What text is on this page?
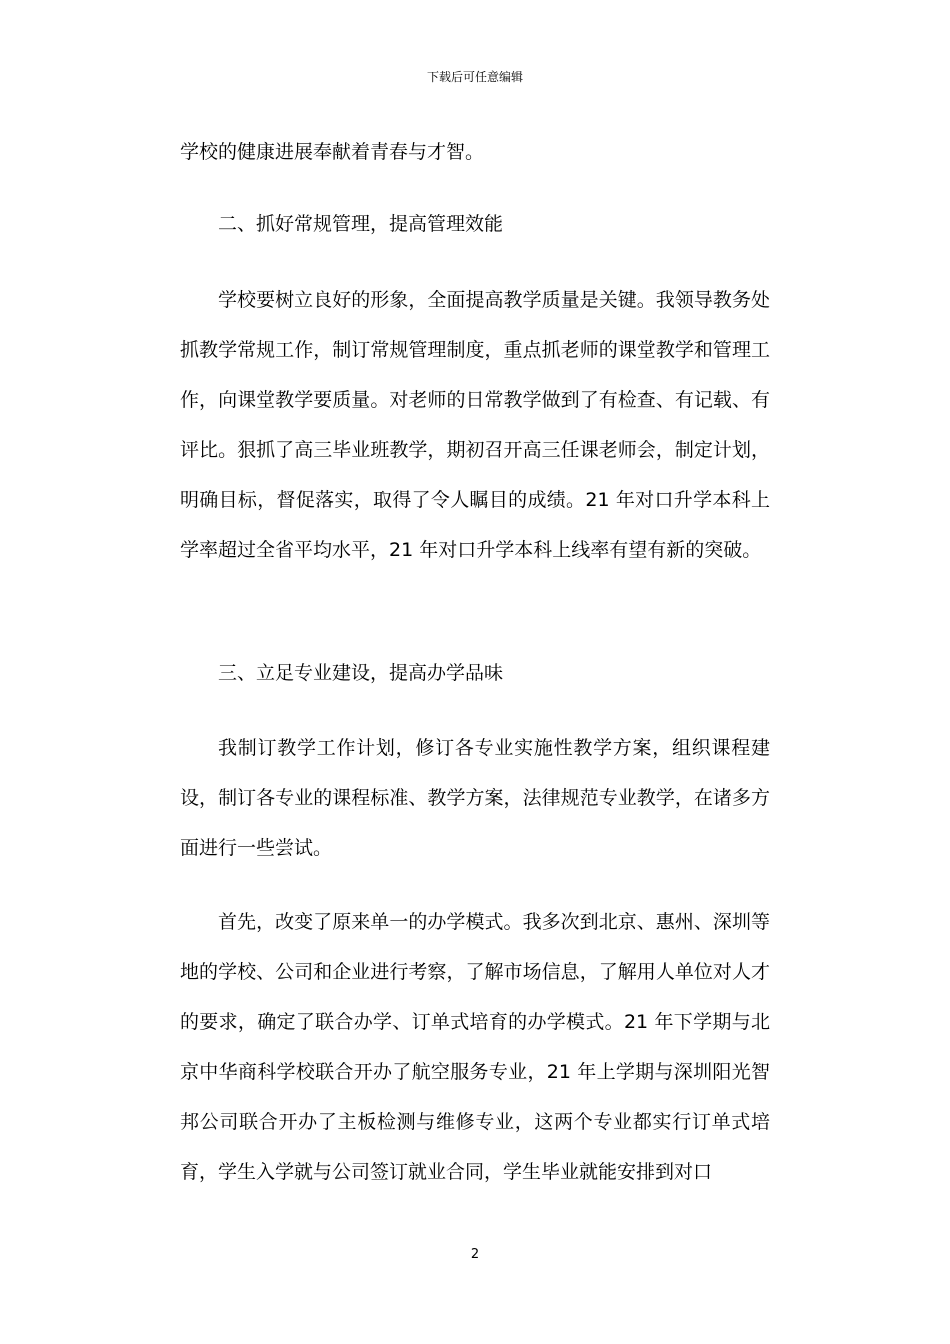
下载后可任意编辑

学校的健康进展奉献着青春与才智。

二、抓好常规管理，提高管理效能

学校要树立良好的形象，全面提高教学质量是关键。我领导教务处抓教学常规工作，制订常规管理制度，重点抓老师的课堂教学和管理工作，向课堂教学要质量。对老师的日常教学做到了有检查、有记载、有评比。狠抓了高三毕业班教学，期初召开高三任课老师会，制定计划，明确目标，督促落实，取得了令人瞩目的成绩。21 年对口升学本科上学率超过全省平均水平，21 年对口升学本科上线率有望有新的突破。

三、立足专业建设，提高办学品味

我制订教学工作计划，修订各专业实施性教学方案，组织课程建设，制订各专业的课程标准、教学方案，法律规范专业教学，在诸多方面进行一些尝试。

首先，改变了原来单一的办学模式。我多次到北京、惠州、深圳等地的学校、公司和企业进行考察，了解市场信息，了解用人单位对人才的要求，确定了联合办学、订单式培育的办学模式。21 年下学期与北京中华商科学校联合开办了航空服务专业，21 年上学期与深圳阳光智邦公司联合开办了主板检测与维修专业，这两个专业都实行订单式培育，学生入学就与公司签订就业合同，学生毕业就能安排到对口

2
